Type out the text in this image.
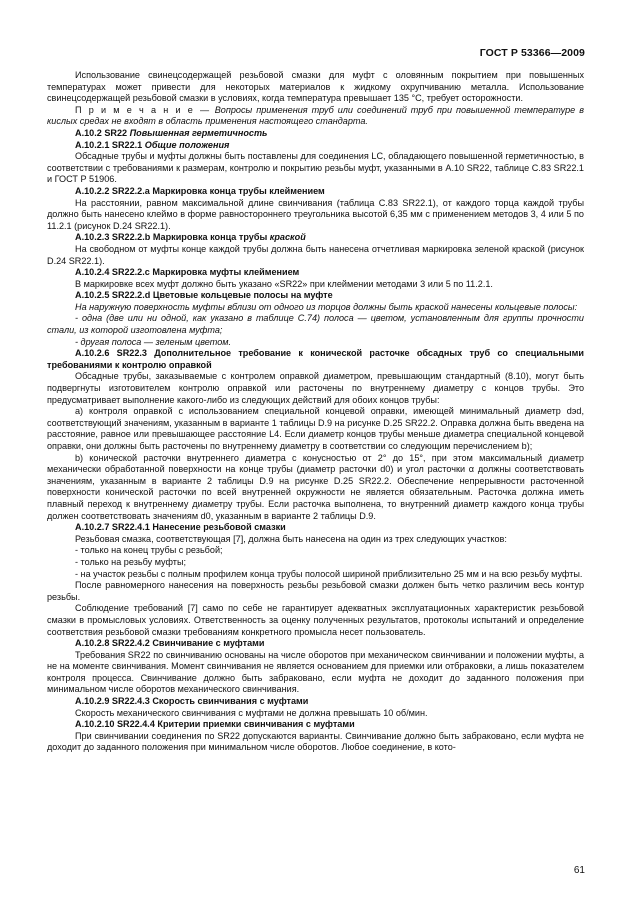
ГОСТ Р 53366—2009

Использование свинецсодержащей резьбовой смазки для муфт с оловянным покрытием при повышенных температурах может привести для некоторых материалов к жидкому охрупчиванию металла. Использование свинецсодержащей резьбовой смазки в условиях, когда температура превышает 135 °С, требует осторожности.

П р и м е ч а н и е — Вопросы применения труб или соединений труб при повышенной температуре в кислых средах не входят в область применения настоящего стандарта.

А.10.2 SR22 Повышенная герметичность

А.10.2.1 SR22.1 Общие положения

Обсадные трубы и муфты должны быть поставлены для соединения LC, обладающего повышенной герметичностью, в соответствии с требованиями к размерам, контролю и покрытию резьбы муфт, указанными в А.10 SR22, таблице С.83 SR22.1 и ГОСТ Р 51906.

А.10.2.2 SR22.2.a Маркировка конца трубы клеймением

На расстоянии, равном максимальной длине свинчивания (таблица С.83 SR22.1), от каждого торца каждой трубы должно быть нанесено клеймо в форме равностороннего треугольника высотой 6,35 мм с применением методов 3, 4 или 5 по 11.2.1 (рисунок D.24 SR22.1).

А.10.2.3 SR22.2.b Маркировка конца трубы краской

На свободном от муфты конце каждой трубы должна быть нанесена отчетливая маркировка зеленой краской (рисунок D.24 SR22.1).

А.10.2.4 SR22.2.c Маркировка муфты клеймением

В маркировке всех муфт должно быть указано «SR22» при клеймении методами 3 или 5 по 11.2.1.

А.10.2.5 SR22.2.d Цветовые кольцевые полосы на муфте

На наружную поверхность муфты вблизи от одного из торцов должны быть краской нанесены кольцевые полосы:

- одна (две или ни одной, как указано в таблице С.74) полоса — цветом, установленным для группы прочности стали, из которой изготовлена муфта;

- другая полоса — зеленым цветом.

А.10.2.6 SR22.3 Дополнительное требование к конической расточке обсадных труб со специальными требованиями к контролю оправкой

Обсадные трубы, заказываемые с контролем оправкой диаметром, превышающим стандартный (8.10), могут быть подвергнуты изготовителем контролю оправкой или расточены по внутреннему диаметру с концов трубы. Это предусматривает выполнение какого-либо из следующих действий для обоих концов трубы:

а) контроля оправкой с использованием специальной концевой оправки, имеющей минимальный диаметр dэd, соответствующий значениям, указанным в варианте 1 таблицы D.9 на рисунке D.25 SR22.2. Оправка должна быть введена на расстояние, равное или превышающее расстояние L4. Если диаметр концов трубы меньше диаметра специальной концевой оправки, они должны быть расточены по внутреннему диаметру в соответствии со следующим перечислением b);

b) конической расточки внутреннего диаметра с конусностью от 2° до 15°, при этом максимальный диаметр механически обработанной поверхности на конце трубы (диаметр расточки d0) и угол расточки α должны соответствовать значениям, указанным в варианте 2 таблицы D.9 на рисунке D.25 SR22.2. Обеспечение непрерывности расточенной поверхности конической расточки по всей внутренней окружности не является обязательным. Расточка должна иметь плавный переход к внутреннему диаметру трубы. Если расточка выполнена, то внутренний диаметр каждого конца трубы должен соответствовать значениям d0, указанным в варианте 2 таблицы D.9.

А.10.2.7 SR22.4.1 Нанесение резьбовой смазки

Резьбовая смазка, соответствующая [7], должна быть нанесена на один из трех следующих участков:

- только на конец трубы с резьбой;

- только на резьбу муфты;

- на участок резьбы с полным профилем конца трубы полосой шириной приблизительно 25 мм и на всю резьбу муфты.

После равномерного нанесения на поверхность резьбы резьбовой смазки должен быть четко различим весь контур резьбы.

Соблюдение требований [7] само по себе не гарантирует адекватных эксплуатационных характеристик резьбовой смазки в промысловых условиях. Ответственность за оценку полученных результатов, протоколы испытаний и определение соответствия резьбовой смазки требованиям конкретного промысла несет пользователь.

А.10.2.8 SR22.4.2 Свинчивание с муфтами

Требования SR22 по свинчиванию основаны на числе оборотов при механическом свинчивании и положении муфты, а не на моменте свинчивания. Момент свинчивания не является основанием для приемки или отбраковки, а лишь показателем контроля процесса. Свинчивание должно быть забраковано, если муфта не доходит до заданного положения при минимальном числе оборотов механического свинчивания.

А.10.2.9 SR22.4.3 Скорость свинчивания с муфтами

Скорость механического свинчивания с муфтами не должна превышать 10 об/мин.

А.10.2.10 SR22.4.4 Критерии приемки свинчивания с муфтами

При свинчивании соединения по SR22 допускаются варианты. Свинчивание должно быть забраковано, если муфта не доходит до заданного положения при минимальном числе оборотов. Любое соединение, в кото-

61
